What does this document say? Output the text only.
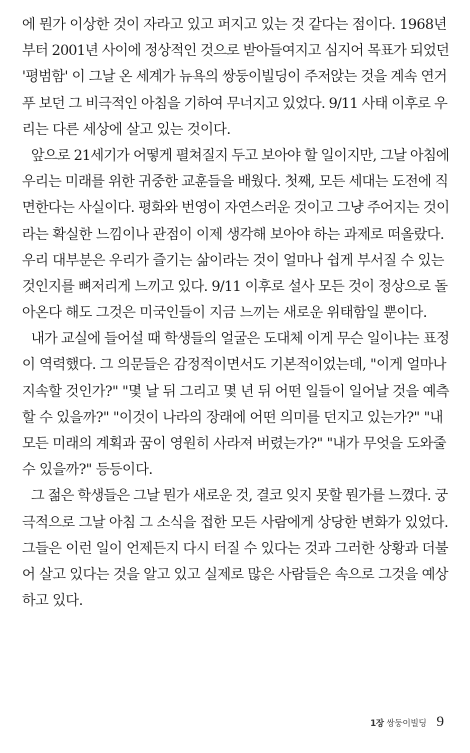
에 뭔가 이상한 것이 자라고 있고 퍼지고 있는 것 같다는 점이다. 1968년
부터 2001년 사이에 정상적인 것으로 받아들여지고 심지어 목표가 되었던
'평범함' 이 그날 온 세계가 뉴욕의 쌍둥이빌딩이 주저앉는 것을 계속 연거
푸 보던 그 비극적인 아침을 기하여 무너지고 있었다. 9/11 사태 이후로 우
리는 다른 세상에 살고 있는 것이다.
앞으로 21세기가 어떻게 펼쳐질지 두고 보아야 할 일이지만, 그날 아침에
우리는 미래를 위한 귀중한 교훈들을 배웠다. 첫째, 모든 세대는 도전에 직
면한다는 사실이다. 평화와 번영이 자연스러운 것이고 그냥 주어지는 것이
라는 확실한 느낌이나 관점이 이제 생각해 보아야 하는 과제로 떠올랐다.
우리 대부분은 우리가 즐기는 삶이라는 것이 얼마나 쉽게 부서질 수 있는
것인지를 뼈저리게 느끼고 있다. 9/11 이후로 설사 모든 것이 정상으로 돌
아온다 해도 그것은 미국인들이 지금 느끼는 새로운 위태함일 뿐이다.
내가 교실에 들어설 때 학생들의 얼굴은 도대체 이게 무슨 일이냐는 표정
이 역력했다. 그 의문들은 감정적이면서도 기본적이었는데, "이게 얼마나
지속할 것인가?" "몇 날 뒤 그리고 몇 년 뒤 어떤 일들이 일어날 것을 예측
할 수 있을까?" "이것이 나라의 장래에 어떤 의미를 던지고 있는가?" "내
모든 미래의 계획과 꿈이 영원히 사라져 버렸는가?" "내가 무엇을 도와줄
수 있을까?" 등등이다.
그 젊은 학생들은 그날 뭔가 새로운 것, 결코 잊지 못할 뭔가를 느꼈다. 궁
극적으로 그날 아침 그 소식을 접한 모든 사람에게 상당한 변화가 있었다.
그들은 이런 일이 언제든지 다시 터질 수 있다는 것과 그러한 상황과 더불
어 살고 있다는 것을 알고 있고 실제로 많은 사람들은 속으로 그것을 예상
하고 있다.
1장 쌍둥이빌딩 9
